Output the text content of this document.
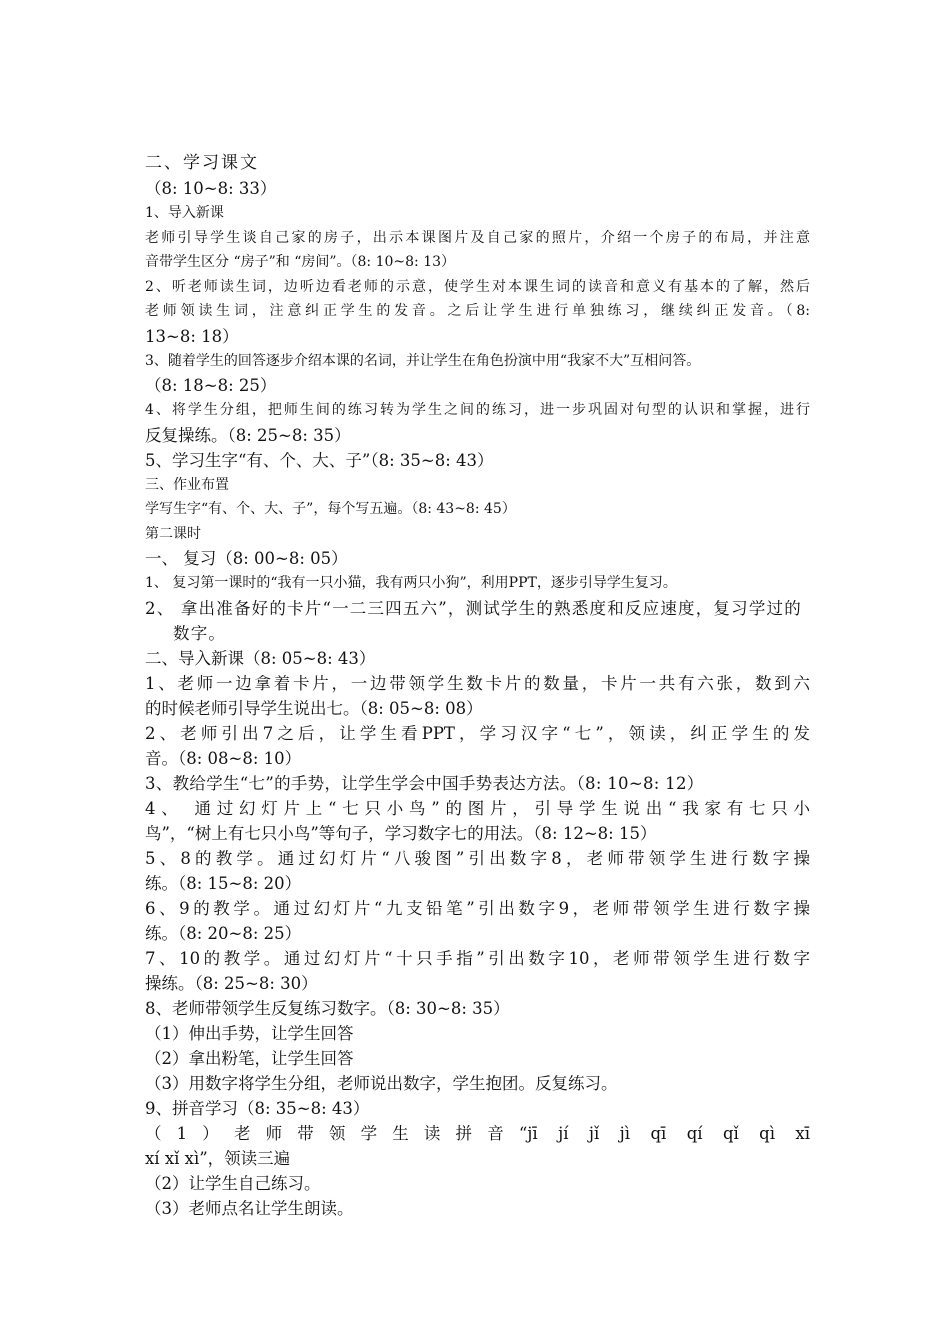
二、学习课文

（8: 10~8: 33）

1、导入新课

老师引导学生谈自己家的房子，出示本课图片及自己家的照片，介绍一个房子的布局，并注意

音带学生区分 “房子”和 “房间”。（8: 10~8: 13）

2、听老师读生词，边听边看老师的示意，使学生对本课生词的读音和意义有基本的了解，然后

老师领读生词，注意纠正学生的发音。之后让学生进行单独练习，继续纠正发音。（8:

13~8: 18）

3、随着学生的回答逐步介绍本课的名词，并让学生在角色扮演中用“我家不大”互相问答。

（8: 18~8: 25）

4、将学生分组，把师生间的练习转为学生之间的练习，进一步巩固对句型的认识和掌握，进行

反复操练。（8: 25~8: 35）

5、学习生字“有、个、大、子”（8: 35~8: 43）

三、作业布置

学写生字“有、个、大、子”，每个写五遍。（8: 43~8: 45）

第二课时

一、 复习（8: 00~8: 05）

1、 复习第一课时的“我有一只小猫，我有两只小狗”，利用PPT，逐步引导学生复习。

2、 拿出准备好的卡片“一二三四五六”，测试学生的熟悉度和反应速度，复习学过的数字。

二、导入新课（8: 05~8: 43）

1、老师一边拿着卡片，一边带领学生数卡片的数量，卡片一共有六张，数到六

的时候老师引导学生说出七。（8: 05~8: 08）

2、老师引出7之后，让学生看PPT，学习汉字“七”，领读，纠正学生的发

音。（8: 08~8: 10）

3、教给学生“七”的手势，让学生学会中国手势表达方法。（8: 10~8: 12）

4、 通过幻灯片上“七只小鸟”的图片，引导学生说出“我家有七只小

鸟”，“树上有七只小鸟”等句子，学习数字七的用法。（8: 12~8: 15）

5、8的教学。通过幻灯片“八骏图”引出数字8，老师带领学生进行数字操

练。（8: 15~8: 20）

6、9的教学。通过幻灯片“九支铅笔”引出数字9，老师带领学生进行数字操

练。（8: 20~8: 25）

7、10的教学。通过幻灯片“十只手指”引出数字10，老师带领学生进行数字

操练。（8: 25~8: 30）

8、老师带领学生反复练习数字。（8: 30~8: 35）

（1）伸出手势，让学生回答

（2）拿出粉笔，让学生回答

（3）用数字将学生分组，老师说出数字，学生抱团。反复练习。

9、拼音学习（8: 35~8: 43）

（1）老师带领学生读拼音“jī jí jǐ jì qī qí qǐ qì xī

xí xǐ xì”，领读三遍

（2）让学生自己练习。

（3）老师点名让学生朗读。
